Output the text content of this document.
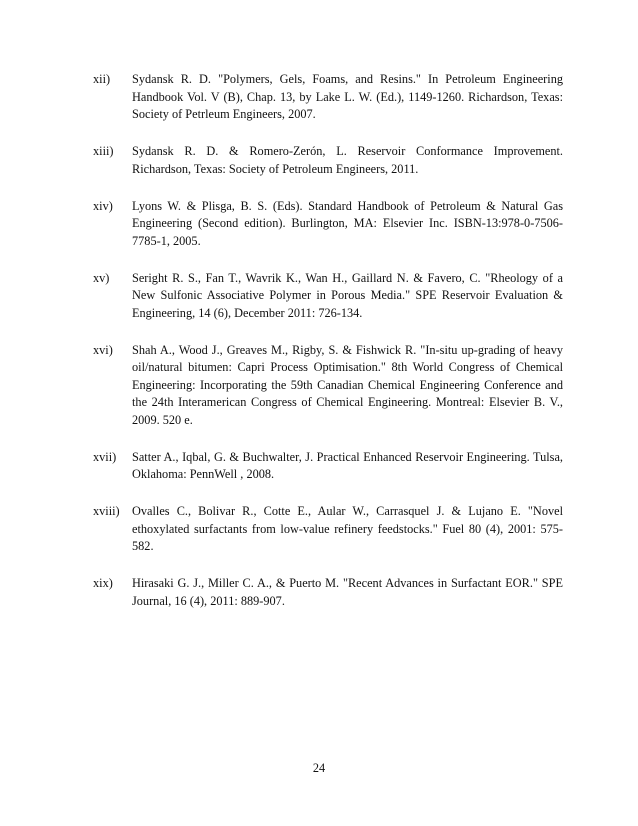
xii)	Sydansk R. D. "Polymers, Gels, Foams, and Resins." In Petroleum Engineering Handbook Vol. V (B), Chap. 13, by Lake L. W. (Ed.), 1149-1260. Richardson, Texas: Society of Petrleum Engineers, 2007.
xiii)	Sydansk R. D. & Romero-Zerón, L. Reservoir Conformance Improvement. Richardson, Texas: Society of Petroleum Engineers, 2011.
xiv)	Lyons W. & Plisga, B. S. (Eds). Standard Handbook of Petroleum & Natural Gas Engineering (Second edition). Burlington, MA: Elsevier Inc. ISBN-13:978-0-7506-7785-1, 2005.
xv)	Seright R. S., Fan T., Wavrik K., Wan H., Gaillard N. & Favero, C. "Rheology of a New Sulfonic Associative Polymer in Porous Media." SPE Reservoir Evaluation & Engineering, 14 (6), December 2011: 726-134.
xvi)	Shah A., Wood J., Greaves M., Rigby, S. & Fishwick R. "In-situ up-grading of heavy oil/natural bitumen: Capri Process Optimisation." 8th World Congress of Chemical Engineering: Incorporating the 59th Canadian Chemical Engineering Conference and the 24th Interamerican Congress of Chemical Engineering. Montreal: Elsevier B. V., 2009. 520 e.
xvii)	Satter A., Iqbal, G. & Buchwalter, J. Practical Enhanced Reservoir Engineering. Tulsa, Oklahoma: PennWell , 2008.
xviii)	Ovalles C., Bolivar R., Cotte E., Aular W., Carrasquel J. & Lujano E. "Novel ethoxylated surfactants from low-value refinery feedstocks." Fuel 80 (4), 2001: 575-582.
xix)	Hirasaki G. J., Miller C. A., & Puerto M. "Recent Advances in Surfactant EOR." SPE Journal, 16 (4), 2011: 889-907.
24
